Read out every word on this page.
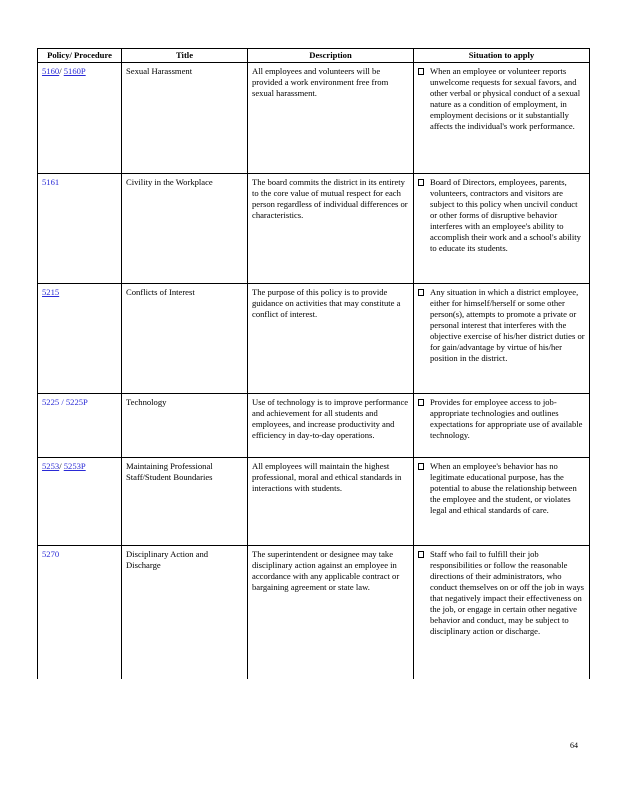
Policy/ Procedure	Title	Description	Situation to apply
5160/ 5160P	Sexual Harassment	All employees and volunteers will be provided a work environment free from sexual harassment.	When an employee or volunteer reports unwelcome requests for sexual favors, and other verbal or physical conduct of a sexual nature as a condition of employment, in employment decisions or it substantially affects the individual's work performance.

5161	Civility in the Workplace	The board commits the district in its entirety to the core value of mutual respect for each person regardless of individual differences or characteristics.	Board of Directors, employees, parents, volunteers, contractors and visitors are subject to this policy when uncivil conduct or other forms of disruptive behavior interferes with an employee's ability to accomplish their work and a school's ability to educate its students.

5215	Conflicts of Interest	The purpose of this policy is to provide guidance on activities that may constitute a conflict of interest.	Any situation in which a district employee, either for himself/herself or some other person(s), attempts to promote a private or personal interest that interferes with the objective exercise of his/her district duties or for gain/advantage by virtue of his/her position in the district.

5225 / 5225P	Technology	Use of technology is to improve performance and achievement for all students and employees, and increase productivity and efficiency in day-to-day operations.	Provides for employee access to job-appropriate technologies and outlines expectations for appropriate use of available technology.

5253/ 5253P	Maintaining Professional Staff/Student Boundaries	All employees will maintain the highest professional, moral and ethical standards in interactions with students.	When an employee's behavior has no legitimate educational purpose, has the potential to abuse the relationship between the employee and the student, or violates legal and ethical standards of care.

5270	Disciplinary Action and Discharge	The superintendent or designee may take disciplinary action against an employee in accordance with any applicable contract or bargaining agreement or state law.	Staff who fail to fulfill their job responsibilities or follow the reasonable directions of their administrators, who conduct themselves on or off the job in ways that negatively impact their effectiveness on the job, or engage in certain other negative behavior and conduct, may be subject to disciplinary action or discharge.
64
